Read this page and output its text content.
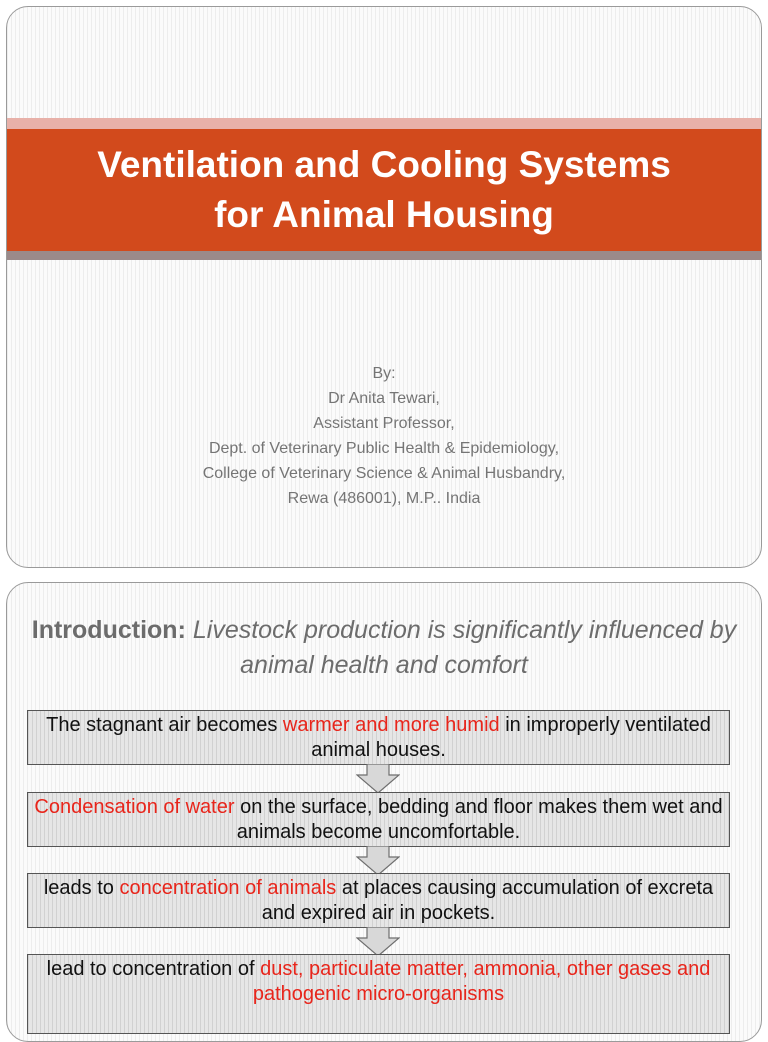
Ventilation and Cooling Systems
for Animal Housing
By:
Dr Anita Tewari,
Assistant Professor,
Dept. of Veterinary Public Health & Epidemiology,
College of Veterinary Science & Animal Husbandry,
Rewa (486001), M.P.. India
Introduction: Livestock production is significantly influenced by animal health and comfort
The stagnant air becomes warmer and more humid in improperly ventilated animal houses.
Condensation of water on the surface, bedding and floor makes them wet and animals become uncomfortable.
leads to concentration of animals at places causing accumulation of excreta and expired air in pockets.
lead to concentration of dust, particulate matter, ammonia, other gases and pathogenic micro-organisms
